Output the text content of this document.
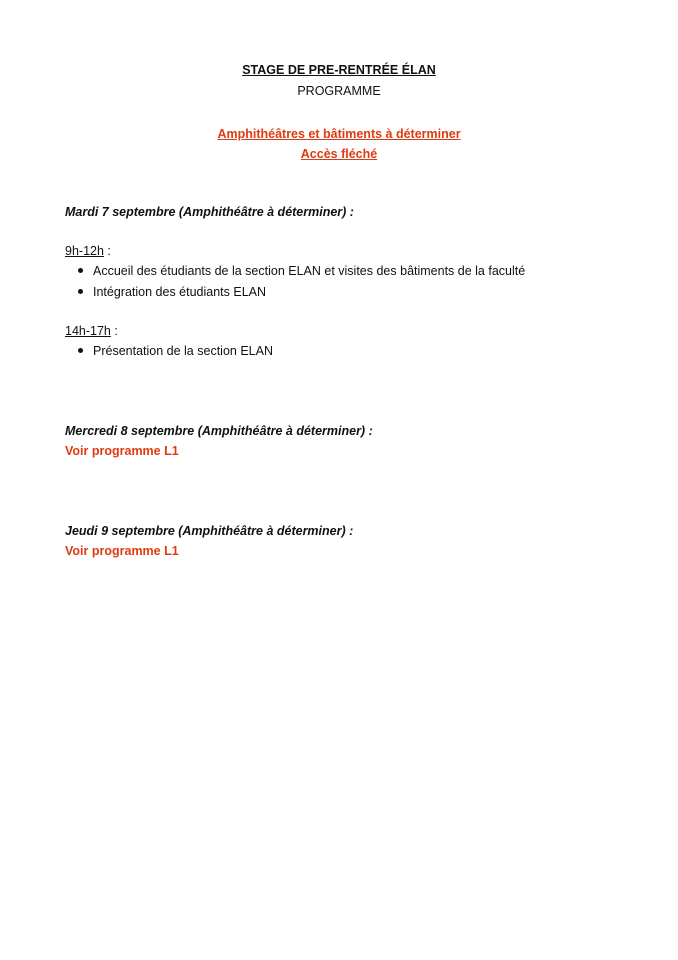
STAGE DE PRE-RENTRÉE ÉLAN
PROGRAMME
Amphithéâtres et bâtiments à déterminer
Accès fléché
Mardi 7 septembre (Amphithéâtre à déterminer) :
9h-12h :
Accueil des étudiants de la section ELAN et visites des bâtiments de la faculté
Intégration des étudiants ELAN
14h-17h :
Présentation de la section ELAN
Mercredi 8 septembre (Amphithéâtre à déterminer) :
Voir programme L1
Jeudi 9 septembre (Amphithéâtre à déterminer) :
Voir programme L1
